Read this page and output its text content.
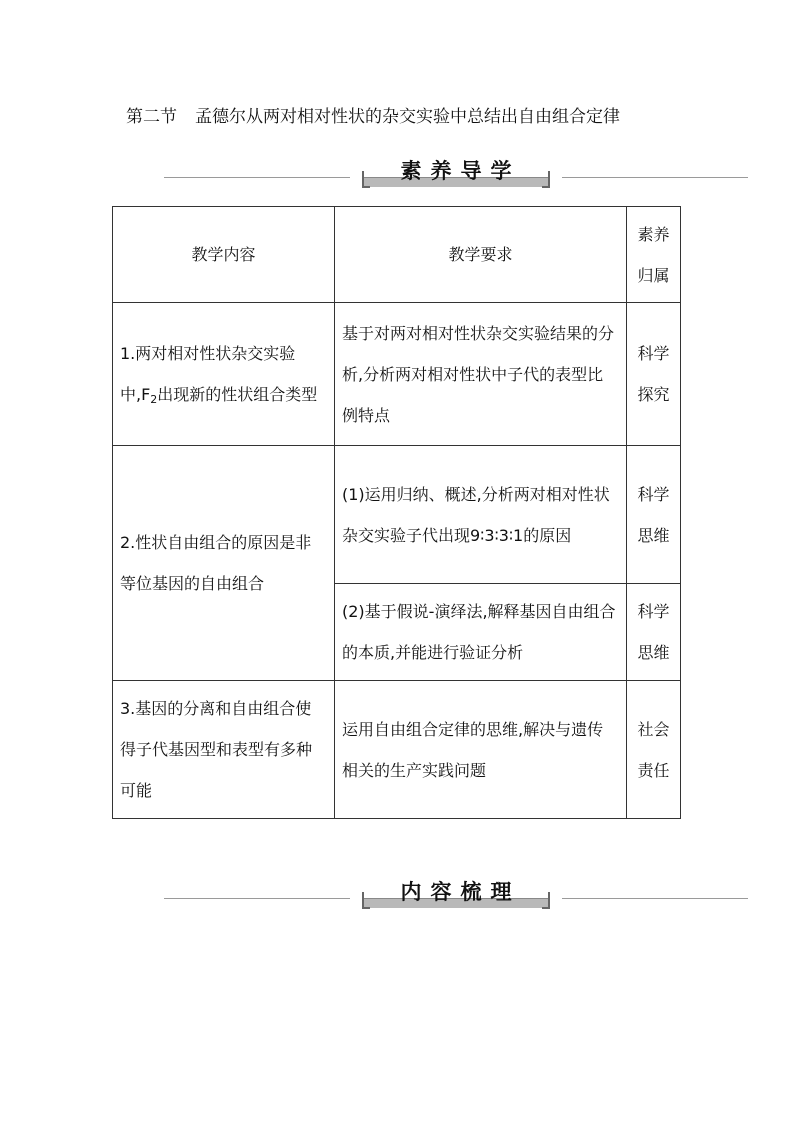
第二节 孟德尔从两对相对性状的杂交实验中总结出自由组合定律
素养导学
教学内容	教学要求	素养归属
1.两对相对性状杂交实验中$,F_2$出现新的性状组合类型	基于对两对相对性状杂交实验结果的分析,分析两对相对性状中子代的表型比例特点	科学探究
2.性状自由组合的原因是非等位基因的自由组合	(1)运用归纳、概述,分析两对相对性状杂交实验子代出现9∶3∶3∶1的原因	科学思维
	(2)基于假说-演绎法,解释基因自由组合的本质,并能进行验证分析	科学思维
3.基因的分离和自由组合使得子代基因型和表型有多种可能	运用自由组合定律的思维,解决与遗传相关的生产实践问题	社会责任
内容梳理
